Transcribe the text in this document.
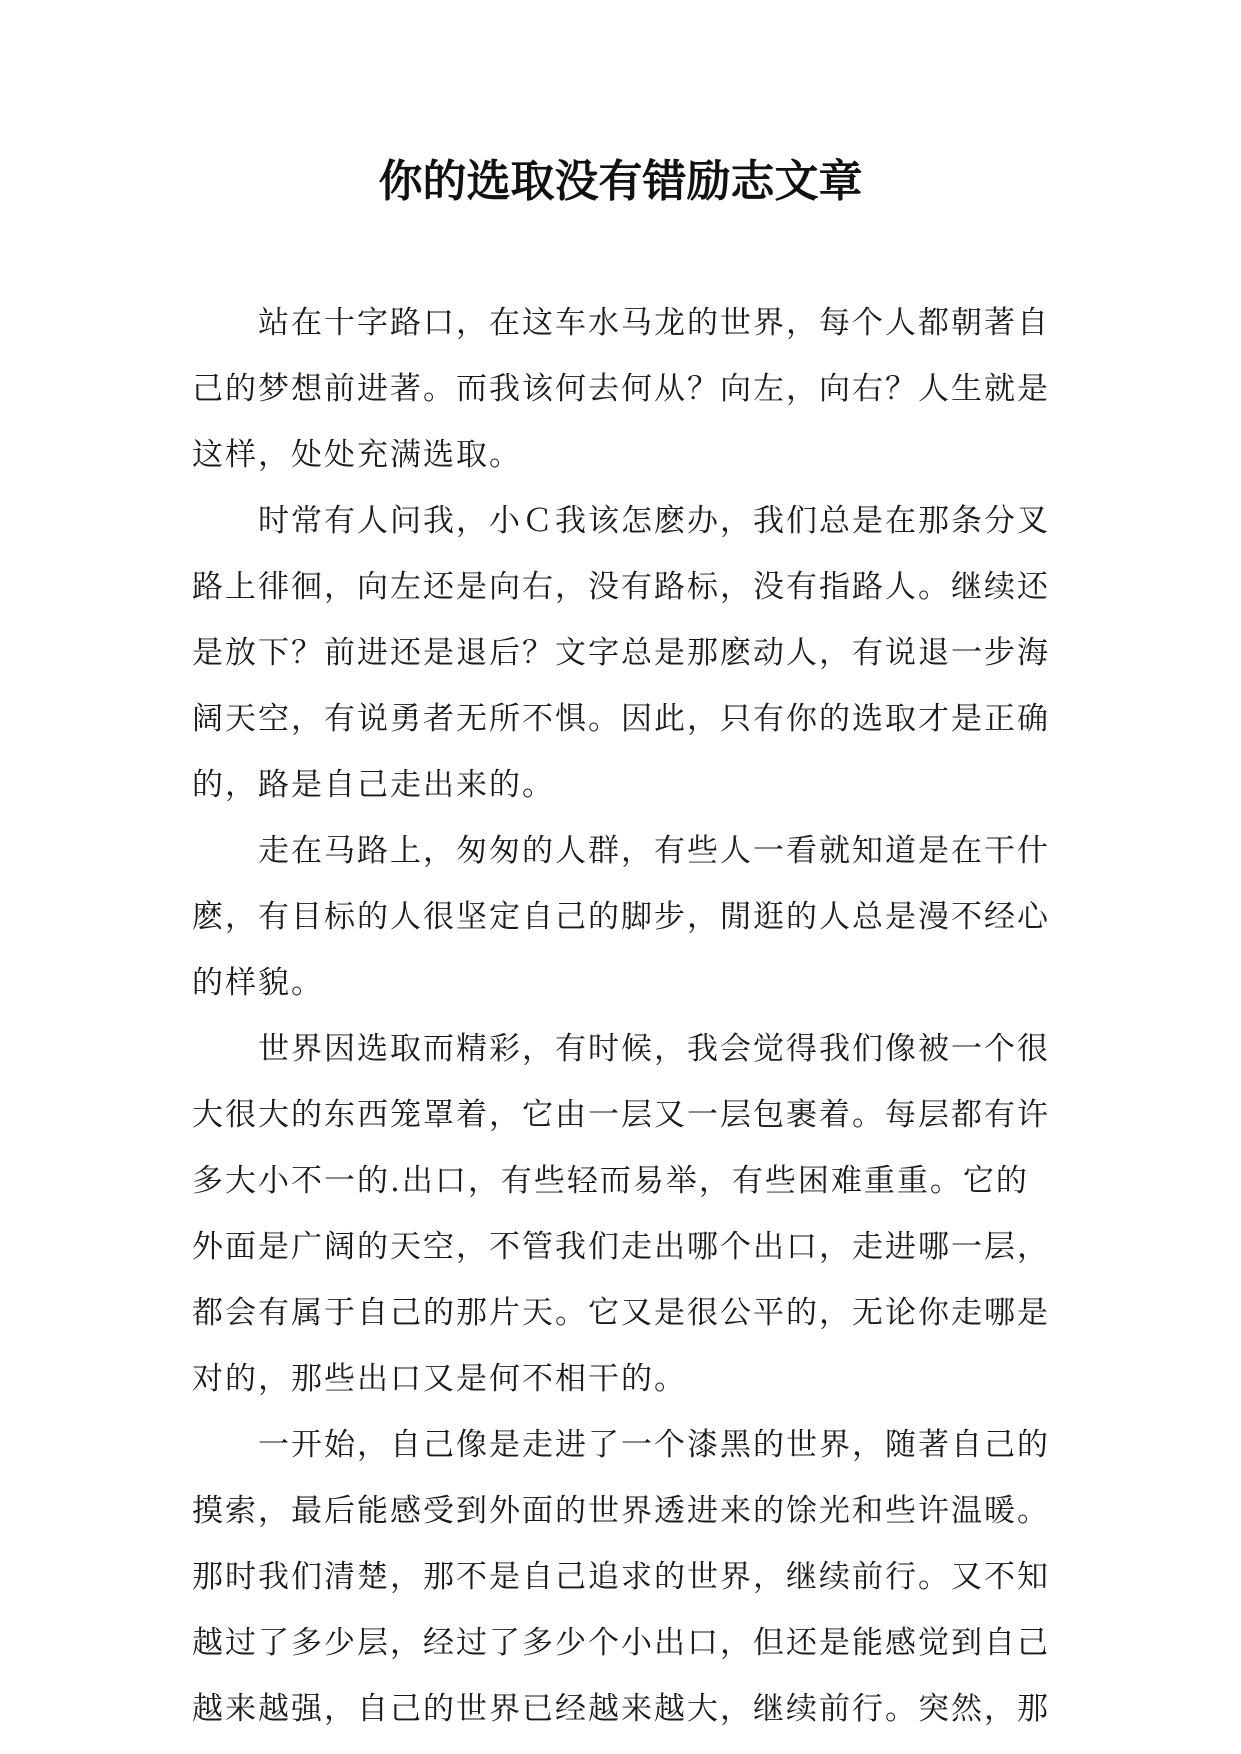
你的选取没有错励志文章
　　站在十字路口，在这车水马龙的世界，每个人都朝著自
己的梦想前进著。而我该何去何从？向左，向右？人生就是
这样，处处充满选取。
　　时常有人问我，小Ｃ我该怎麽办，我们总是在那条分叉
路上徘徊，向左还是向右，没有路标，没有指路人。继续还
是放下？前进还是退后？文字总是那麽动人，有说退一步海
阔天空，有说勇者无所不惧。因此，只有你的选取才是正确
的，路是自己走出来的。
　　走在马路上，匆匆的人群，有些人一看就知道是在干什
麽，有目标的人很坚定自己的脚步，閒逛的人总是漫不经心
的样貌。
　　世界因选取而精彩，有时候，我会觉得我们像被一个很
大很大的东西笼罩着，它由一层又一层包裹着。每层都有许
多大小不一的.出口，有些轻而易举，有些困难重重。它的
外面是广阔的天空，不管我们走出哪个出口，走进哪一层，
都会有属于自己的那片天。它又是很公平的，无论你走哪是
对的，那些出口又是何不相干的。
　　一开始，自己像是走进了一个漆黑的世界，随著自己的
摸索，最后能感受到外面的世界透进来的馀光和些许温暖。
那时我们清楚，那不是自己追求的世界，继续前行。又不知
越过了多少层，经过了多少个小出口，但还是能感觉到自己
越来越强，自己的世界已经越来越大，继续前行。突然，那
